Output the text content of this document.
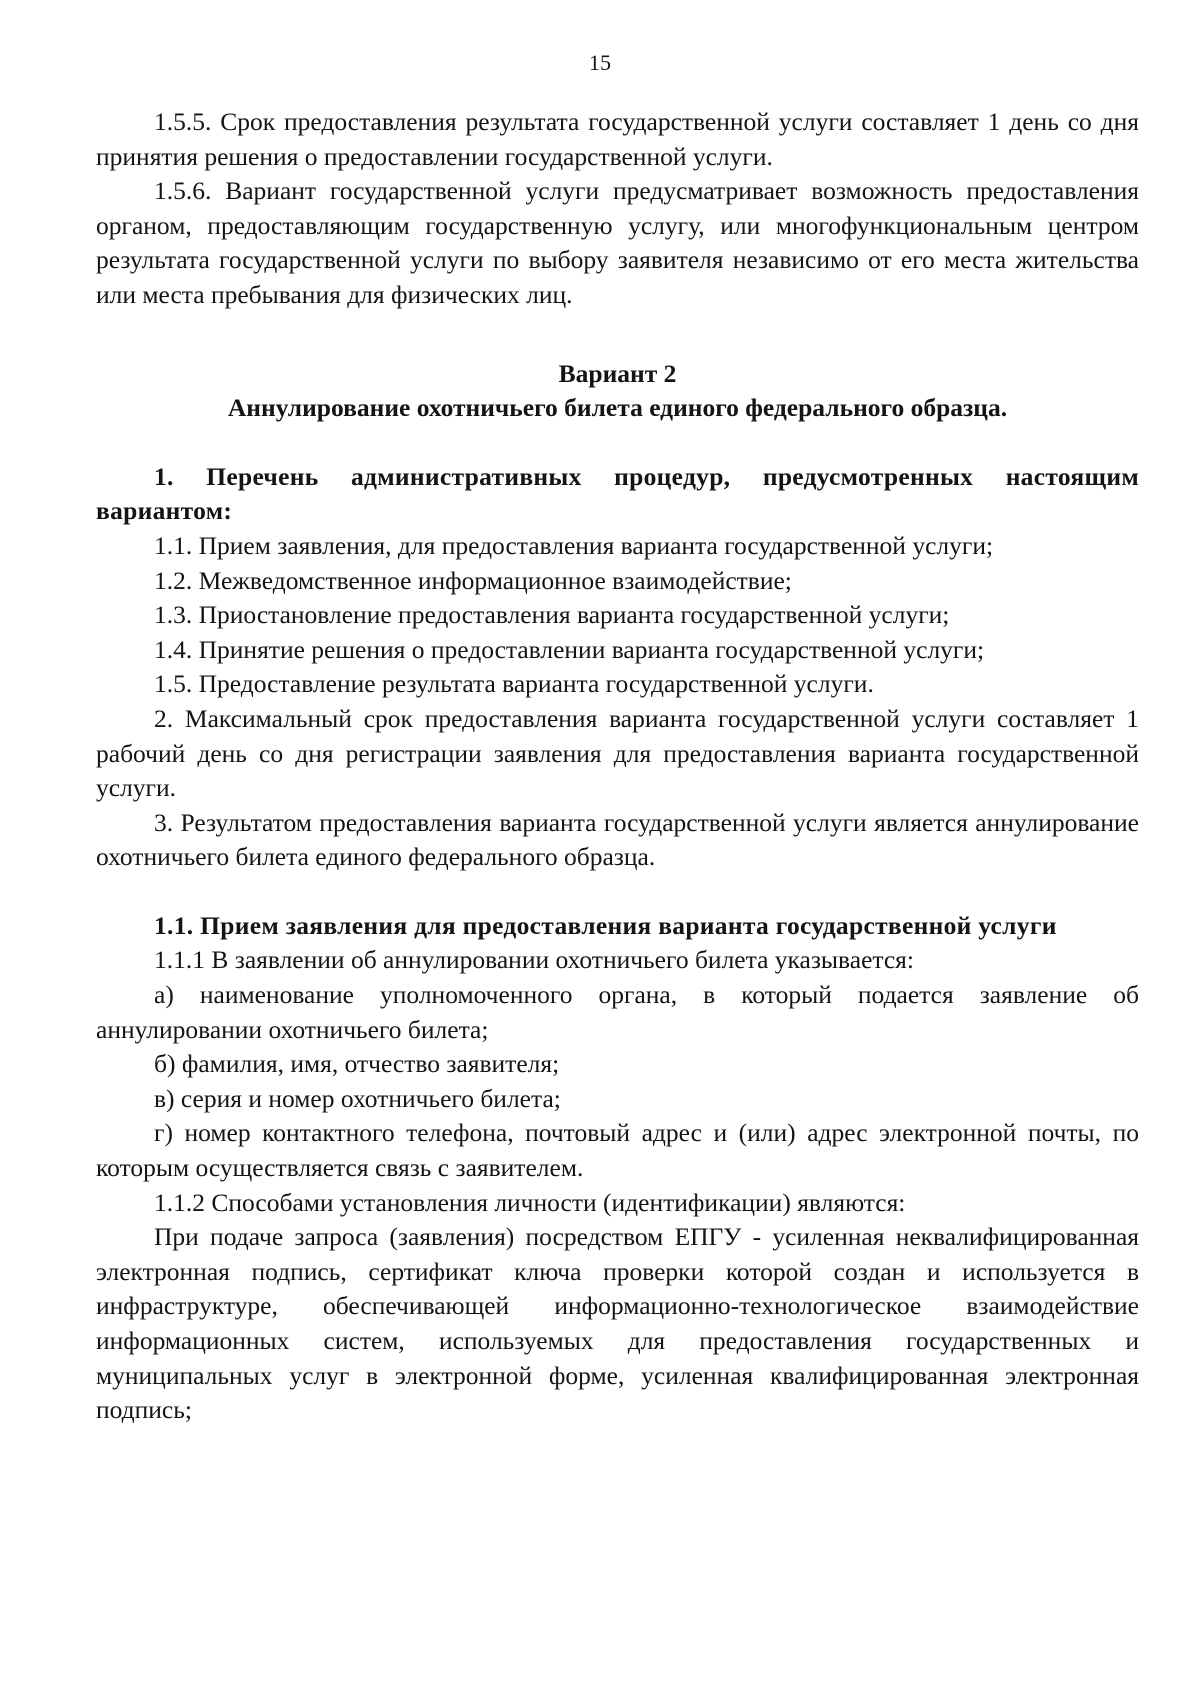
15

1.5.5. Срок предоставления результата государственной услуги составляет 1 день со дня принятия решения о предоставлении государственной услуги.

1.5.6. Вариант государственной услуги предусматривает возможность предоставления органом, предоставляющим государственную услугу, или многофункциональным центром результата государственной услуги по выбору заявителя независимо от его места жительства или места пребывания для физических лиц.

Вариант 2

Аннулирование охотничьего билета единого федерального образца.

1. Перечень административных процедур, предусмотренных настоящим вариантом:

1.1. Прием заявления, для предоставления варианта государственной услуги;

1.2. Межведомственное информационное взаимодействие;

1.3. Приостановление предоставления варианта государственной услуги;

1.4. Принятие решения о предоставлении варианта государственной услуги;

1.5. Предоставление результата варианта государственной услуги.

2. Максимальный срок предоставления варианта государственной услуги составляет 1 рабочий день со дня регистрации заявления для предоставления варианта государственной услуги.

3. Результатом предоставления варианта государственной услуги является аннулирование охотничьего билета единого федерального образца.

1.1. Прием заявления для предоставления варианта государственной услуги

1.1.1 В заявлении об аннулировании охотничьего билета указывается:

а) наименование уполномоченного органа, в который подается заявление об аннулировании охотничьего билета;

б) фамилия, имя, отчество заявителя;

в) серия и номер охотничьего билета;

г) номер контактного телефона, почтовый адрес и (или) адрес электронной почты, по которым осуществляется связь с заявителем.

1.1.2 Способами установления личности (идентификации) являются:

При подаче запроса (заявления) посредством ЕПГУ - усиленная неквалифицированная электронная подпись, сертификат ключа проверки которой создан и используется в инфраструктуре, обеспечивающей информационно-технологическое взаимодействие информационных систем, используемых для предоставления государственных и муниципальных услуг в электронной форме, усиленная квалифицированная электронная подпись;
